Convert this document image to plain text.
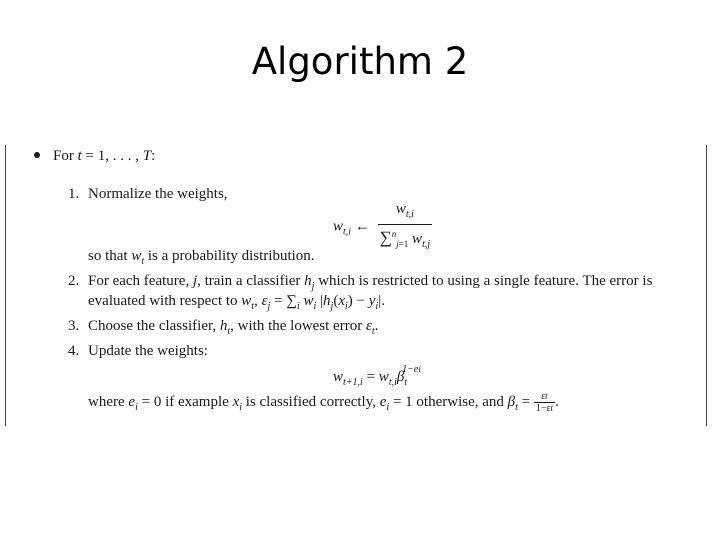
Algorithm 2
For t = 1, . . . , T:
1. Normalize the weights,
$w_{t,i}$ ← $\frac{w_{t,i}}{\sum^n_{j=1} w_{t,j}}$
so that $w_t$ is a probability distribution.
2. For each feature, j, train a classifier $h_j$ which is restricted to using a single feature. The error is
evaluated with respect to $w_t$, $\varepsilon_j = \sum_i$ $w_i$ $|h_j(x_i) - y_i|$.
3. Choose the classifier, $h_t$, with the lowest error $\varepsilon_t$.
4. Update the weights:
$w_{t+1,i} = w_{t,i}\beta_t^{1-ei}$
where $e_i = 0$ if example $x_i$ is classified correctly, $e_i = 1$ otherwise, and $\beta_t = \frac{\varepsilon t}{1-\varepsilon t}$ .
